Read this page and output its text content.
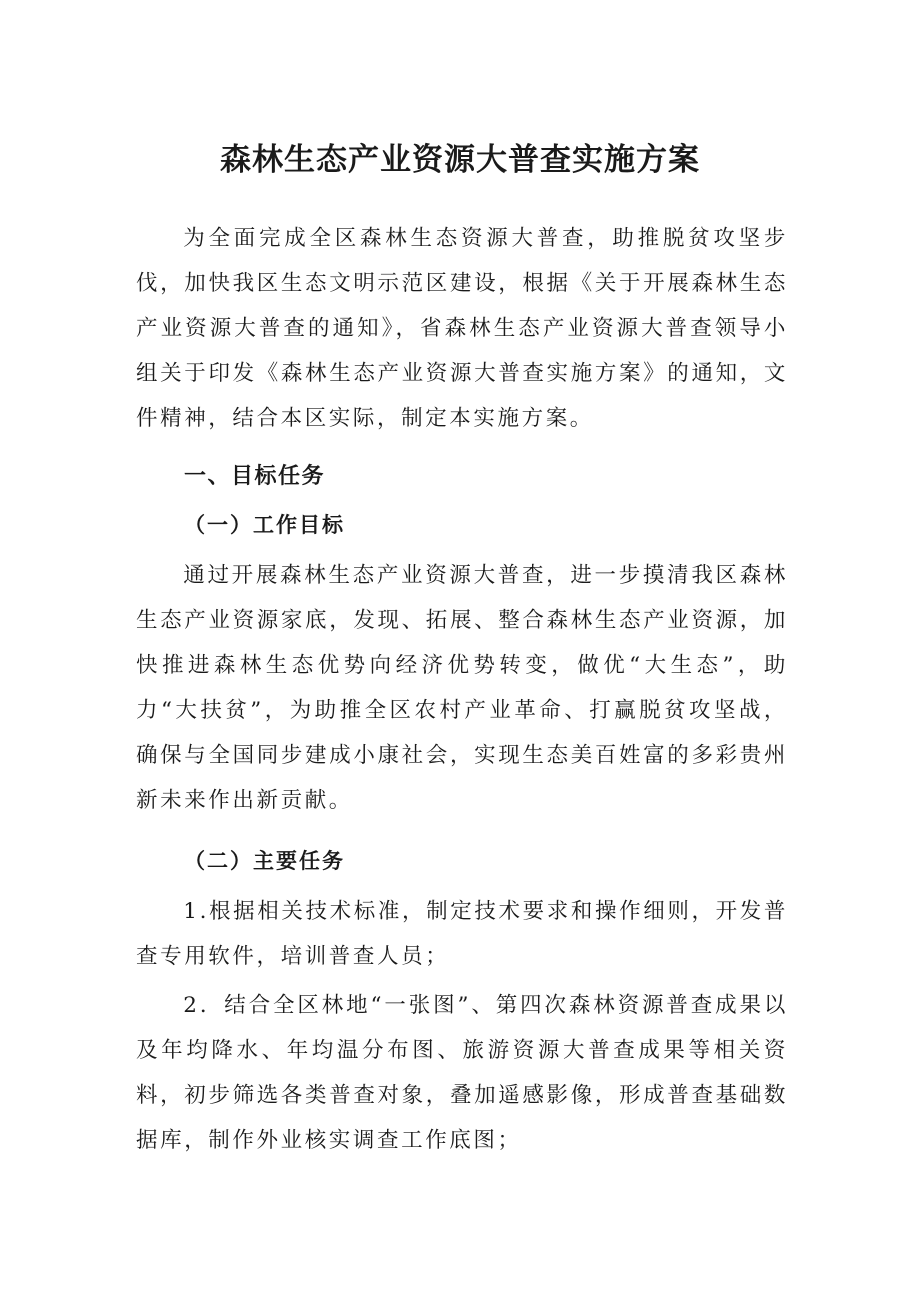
森林生态产业资源大普查实施方案

为全面完成全区森林生态资源大普查，助推脱贫攻坚步伐，加快我区生态文明示范区建设，根据《关于开展森林生态产业资源大普查的通知》，省森林生态产业资源大普查领导小组关于印发《森林生态产业资源大普查实施方案》的通知，文件精神，结合本区实际，制定本实施方案。

一、目标任务
（一）工作目标

通过开展森林生态产业资源大普查，进一步摸清我区森林生态产业资源家底，发现、拓展、整合森林生态产业资源，加快推进森林生态优势向经济优势转变，做优“大生态”，助力“大扶贫”，为助推全区农村产业革命、打赢脱贫攻坚战，确保与全国同步建成小康社会，实现生态美百姓富的多彩贵州新未来作出新贡献。

（二）主要任务

1.根据相关技术标准，制定技术要求和操作细则，开发普查专用软件，培训普查人员；

2．结合全区林地“一张图”、第四次森林资源普查成果以及年均降水、年均温分布图、旅游资源大普查成果等相关资料，初步筛选各类普查对象，叠加遥感影像，形成普查基础数据库，制作外业核实调查工作底图；
